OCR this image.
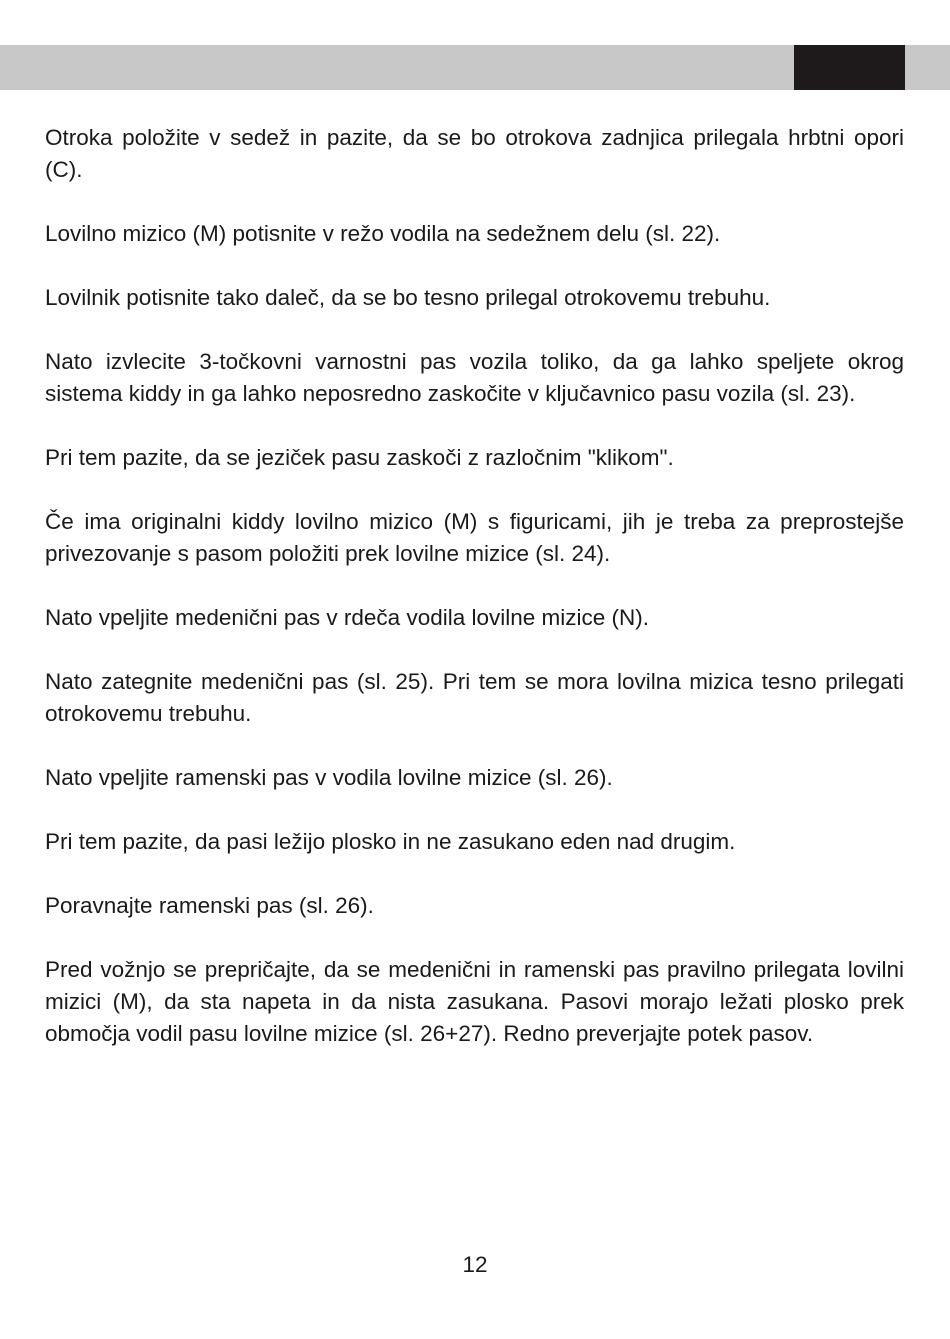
Otroka položite v sedež in pazite, da se bo otrokova zadnjica prilegala hrbtni opori (C).

Lovilno mizico (M) potisnite v režo vodila na sedežnem delu (sl. 22).

Lovilnik potisnite tako daleč, da se bo tesno prilegal otrokovemu trebuhu.

Nato izvlecite 3-točkovni varnostni pas vozila toliko, da ga lahko speljete okrog sistema kiddy in ga lahko neposredno zaskočite v ključavnico pasu vozila (sl. 23).

Pri tem pazite, da se jeziček pasu zaskoči z razločnim "klikom".

Če ima originalni kiddy lovilno mizico (M) s figuricami, jih je treba za preprostejše privezovanje s pasom položiti prek lovilne mizice (sl. 24).

Nato vpeljite medenični pas v rdeča vodila lovilne mizice (N).

Nato zategnite medenični pas (sl. 25). Pri tem se mora lovilna mizica tesno prilegati otrokovemu trebuhu.

Nato vpeljite ramenski pas v vodila lovilne mizice (sl. 26).

Pri tem pazite, da pasi ležijo plosko in ne zasukano eden nad drugim.

Poravnajte ramenski pas (sl. 26).

Pred vožnjo se prepričajte, da se medenični in ramenski pas pravilno prilegata lovilni mizici (M), da sta napeta in da nista zasukana. Pasovi morajo ležati plosko prek območja vodil pasu lovilne mizice (sl. 26+27). Redno preverjajte potek pasov.

12
